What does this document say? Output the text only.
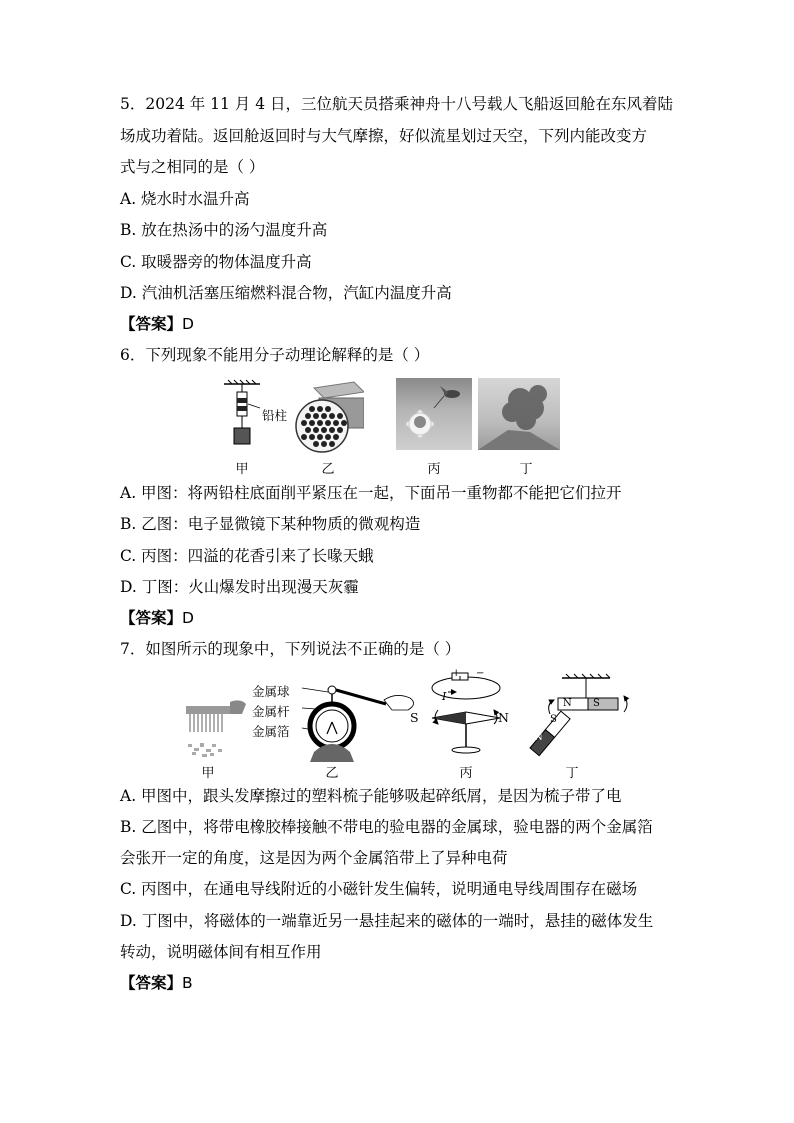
5．2024 年 11 月 4 日，三位航天员搭乘神舟十八号载人飞船返回舱在东风着陆
场成功着陆。返回舱返回时与大气摩擦，好似流星划过天空，下列内能改变方
式与之相同的是（ ）
A. 烧水时水温升高
B. 放在热汤中的汤勺温度升高
C. 取暖器旁的物体温度升高
D. 汽油机活塞压缩燃料混合物，汽缸内温度升高
【答案】D
6．下列现象不能用分子动理论解释的是（ ）
铅柱
甲	乙	丙	丁
A. 甲图：将两铅柱底面削平紧压在一起，下面吊一重物都不能把它们拉开
B. 乙图：电子显微镜下某种物质的微观构造
C. 丙图：四溢的花香引来了长喙天蛾
D. 丁图：火山爆发时出现漫天灰霾
【答案】D
7．如图所示的现象中，下列说法不正确的是（ ）
金属球
金属杆
金属箔
+ −
I
S	N
N S
N
S
甲	乙	丙	丁
A. 甲图中，跟头发摩擦过的塑料梳子能够吸起碎纸屑，是因为梳子带了电
B. 乙图中，将带电橡胶棒接触不带电的验电器的金属球，验电器的两个金属箔
会张开一定的角度，这是因为两个金属箔带上了异种电荷
C. 丙图中，在通电导线附近的小磁针发生偏转，说明通电导线周围存在磁场
D. 丁图中，将磁体的一端靠近另一悬挂起来的磁体的一端时，悬挂的磁体发生
转动，说明磁体间有相互作用
【答案】B
